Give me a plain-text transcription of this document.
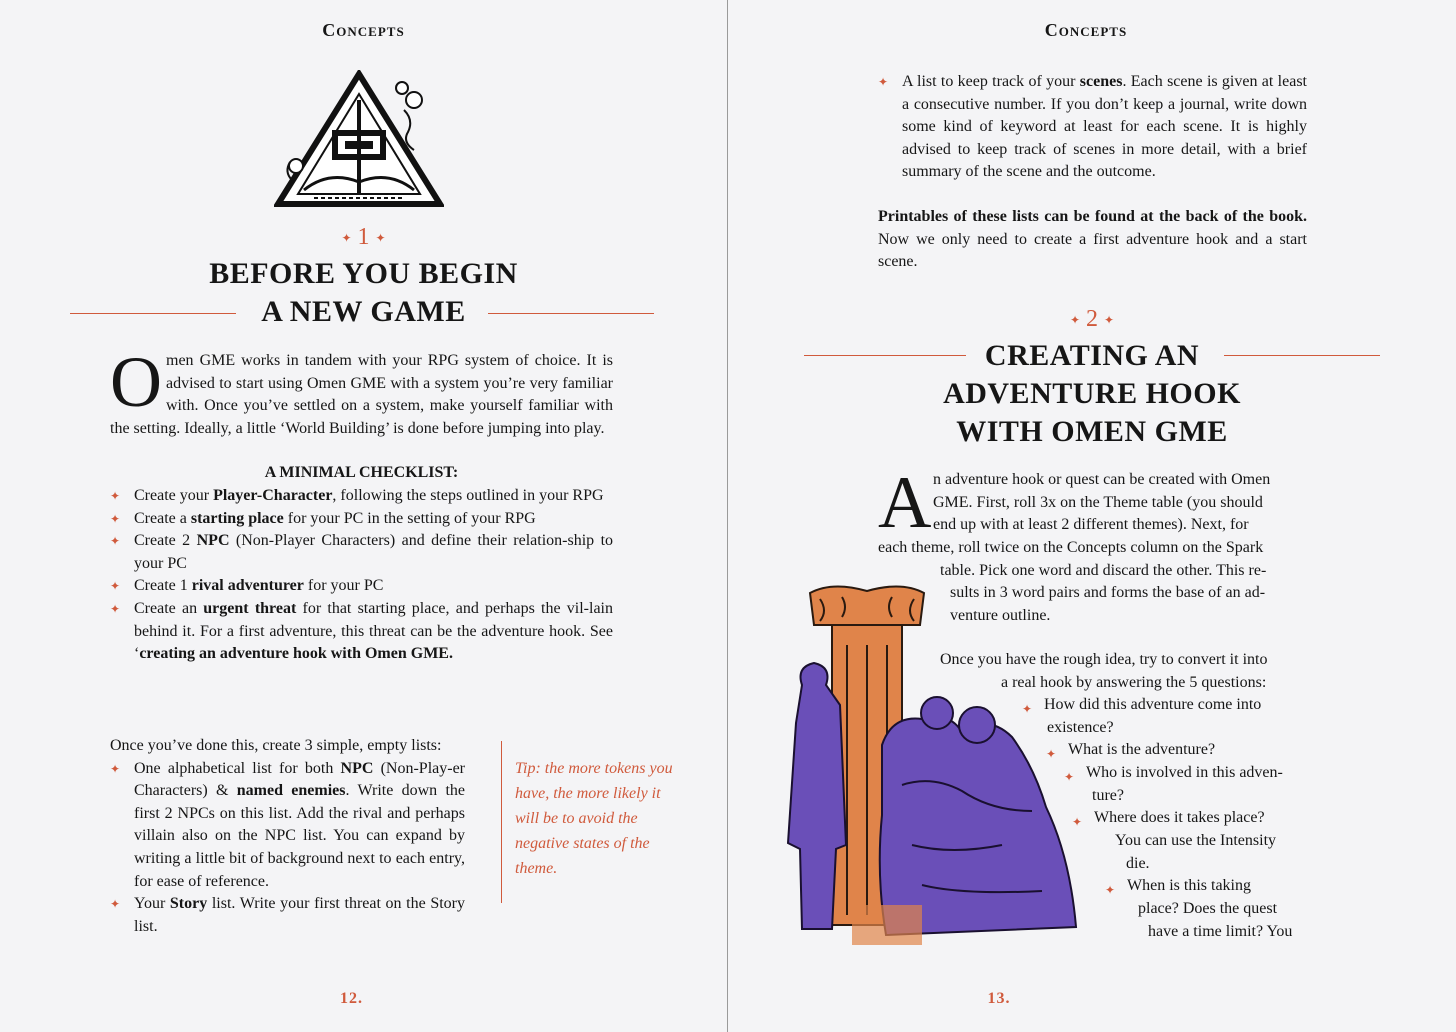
Concepts
✦ 1 ✦
BEFORE YOU BEGIN
A NEW GAME

Omen GME works in tandem with your RPG system of choice. It is advised to start using Omen GME with a system you’re very familiar with. Once you’ve settled on a system, make yourself familiar with the setting. Ideally, a little ‘World Building’ is done before jumping into play.

A MINIMAL CHECKLIST:
✦ Create your Player-Character, following the steps outlined in your RPG
✦ Create a starting place for your PC in the setting of your RPG
✦ Create 2 NPC (Non-Player Characters) and define their relation-ship to your PC
✦ Create 1 rival adventurer for your PC
✦ Create an urgent threat for that starting place, and perhaps the vil-lain behind it. For a first adventure, this threat can be the adventure hook. See ‘creating an adventure hook with Omen GME.

Once you’ve done this, create 3 simple, empty lists:

✦ One alphabetical list for both NPC (Non-Play-er Characters) & named enemies. Write down the first 2 NPCs on this list. Add the rival and perhaps villain also on the NPC list. You can expand by writing a little bit of background next to each entry, for ease of reference.
✦ Your Story list. Write your first threat on the Story list.
Tip: the more tokens you have, the more likely it will be to avoid the negative states of the theme.
12.
Concepts
✦ A list to keep track of your scenes. Each scene is given at least a consecutive number. If you don’t keep a journal, write down some kind of keyword at least for each scene. It is highly advised to keep track of scenes in more detail, with a brief summary of the scene and the outcome.

Printables of these lists can be found at the back of the book. Now we only need to create a first adventure hook and a start scene.

✦ 2 ✦
CREATING AN
ADVENTURE HOOK
WITH OMEN GME
A n adventure hook or quest can be created with Omen
GME. First, roll 3x on the Theme table (you should
end up with at least 2 different themes). Next, for
each theme, roll twice on the Concepts column on the Spark
table. Pick one word and discard the other. This re-
sults in 3 word pairs and forms the base of an ad-
venture outline.
Once you have the rough idea, try to convert it into
a real hook by answering the 5 questions:
✦ How did this adventure come into
existence?
✦ What is the adventure?
✦ Who is involved in this adven-
ture?
✦ Where does it takes place?
You can use the Intensity
die.
✦ When is this taking
place? Does the quest
have a time limit? You
13.
